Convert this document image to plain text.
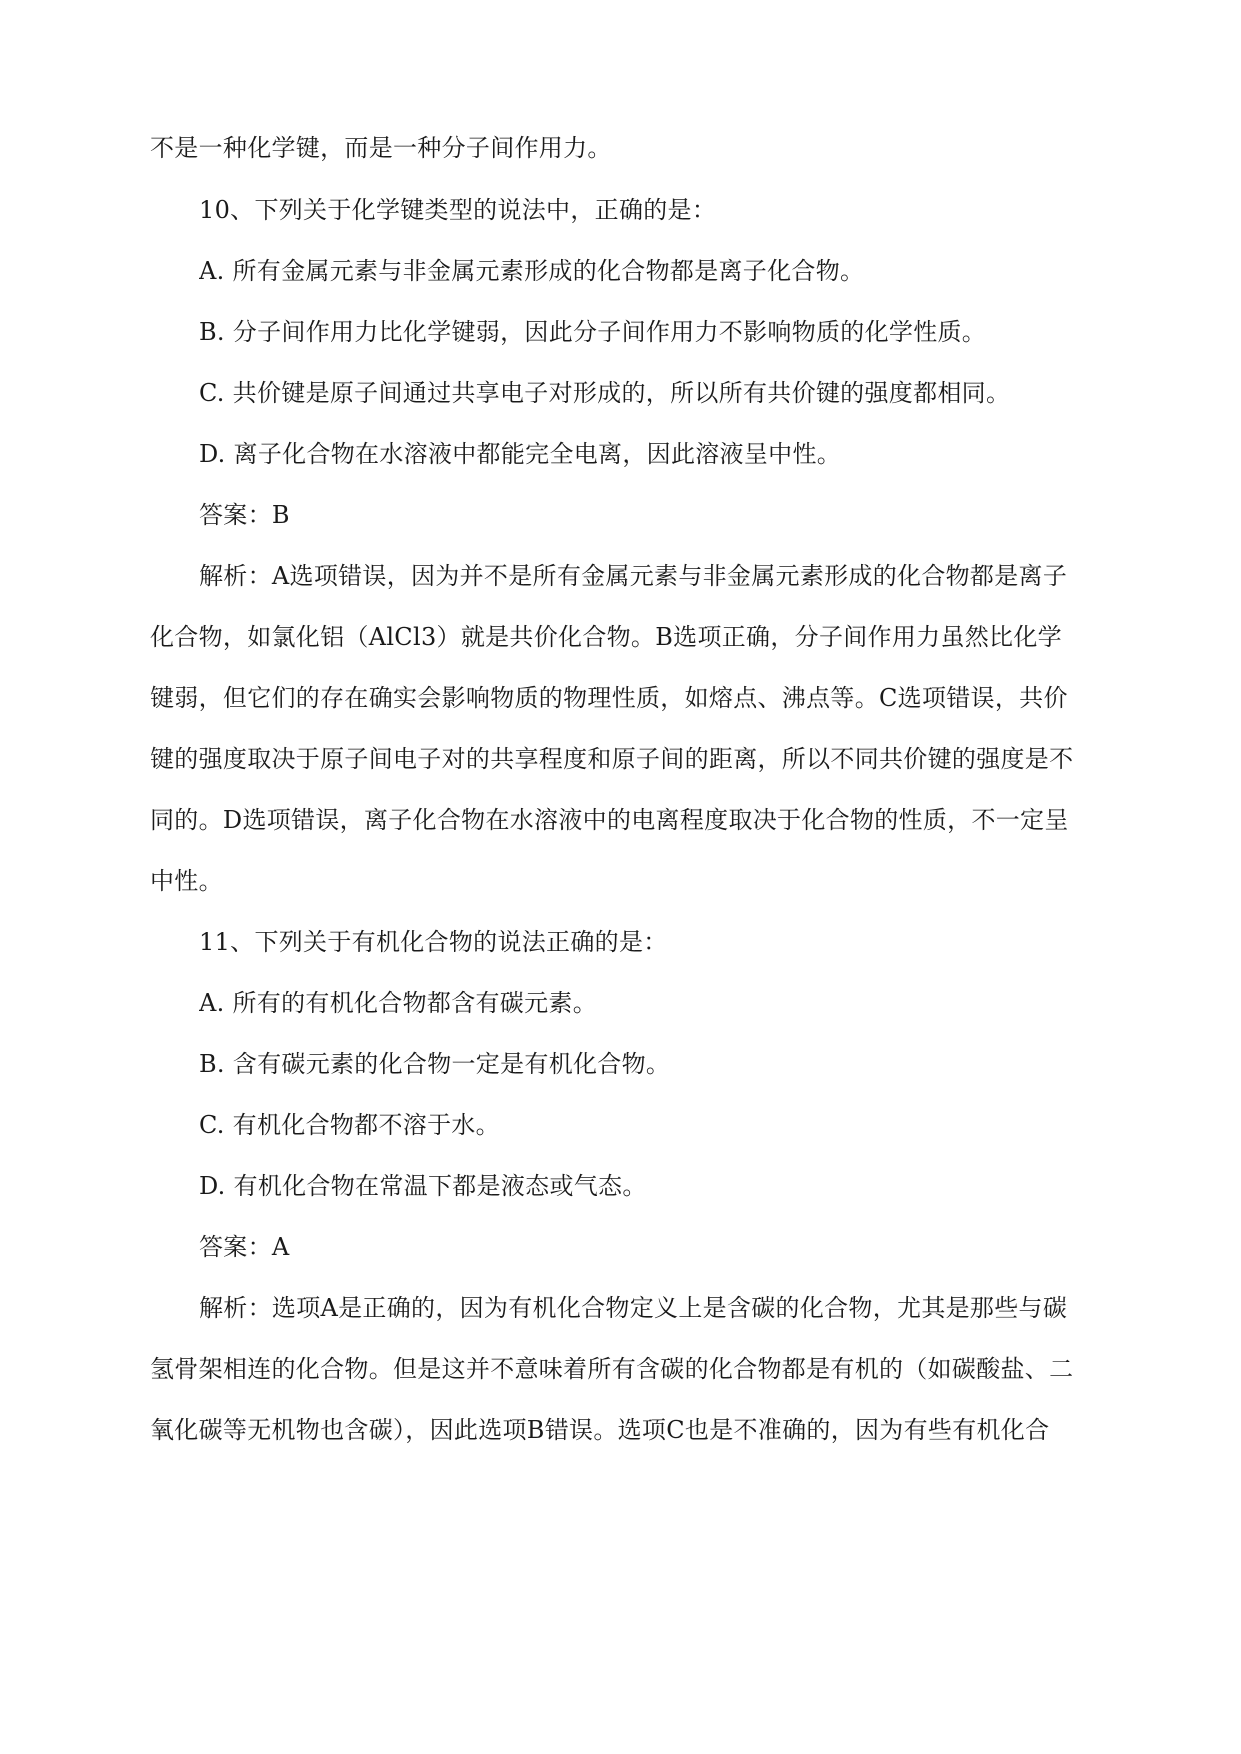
不是一种化学键，而是一种分子间作用力。
10、下列关于化学键类型的说法中，正确的是：
A. 所有金属元素与非金属元素形成的化合物都是离子化合物。
B. 分子间作用力比化学键弱，因此分子间作用力不影响物质的化学性质。
C. 共价键是原子间通过共享电子对形成的，所以所有共价键的强度都相同。
D. 离子化合物在水溶液中都能完全电离，因此溶液呈中性。
答案：B
解析：A选项错误，因为并不是所有金属元素与非金属元素形成的化合物都是离子
化合物，如氯化铝（AlCl3）就是共价化合物。B选项正确，分子间作用力虽然比化学
键弱，但它们的存在确实会影响物质的物理性质，如熔点、沸点等。C选项错误，共价
键的强度取决于原子间电子对的共享程度和原子间的距离，所以不同共价键的强度是不
同的。D选项错误，离子化合物在水溶液中的电离程度取决于化合物的性质，不一定呈
中性。
11、下列关于有机化合物的说法正确的是：
A. 所有的有机化合物都含有碳元素。
B. 含有碳元素的化合物一定是有机化合物。
C. 有机化合物都不溶于水。
D. 有机化合物在常温下都是液态或气态。
答案：A
解析：选项A是正确的，因为有机化合物定义上是含碳的化合物，尤其是那些与碳
氢骨架相连的化合物。但是这并不意味着所有含碳的化合物都是有机的（如碳酸盐、二
氧化碳等无机物也含碳），因此选项B错误。选项C也是不准确的，因为有些有机化合
